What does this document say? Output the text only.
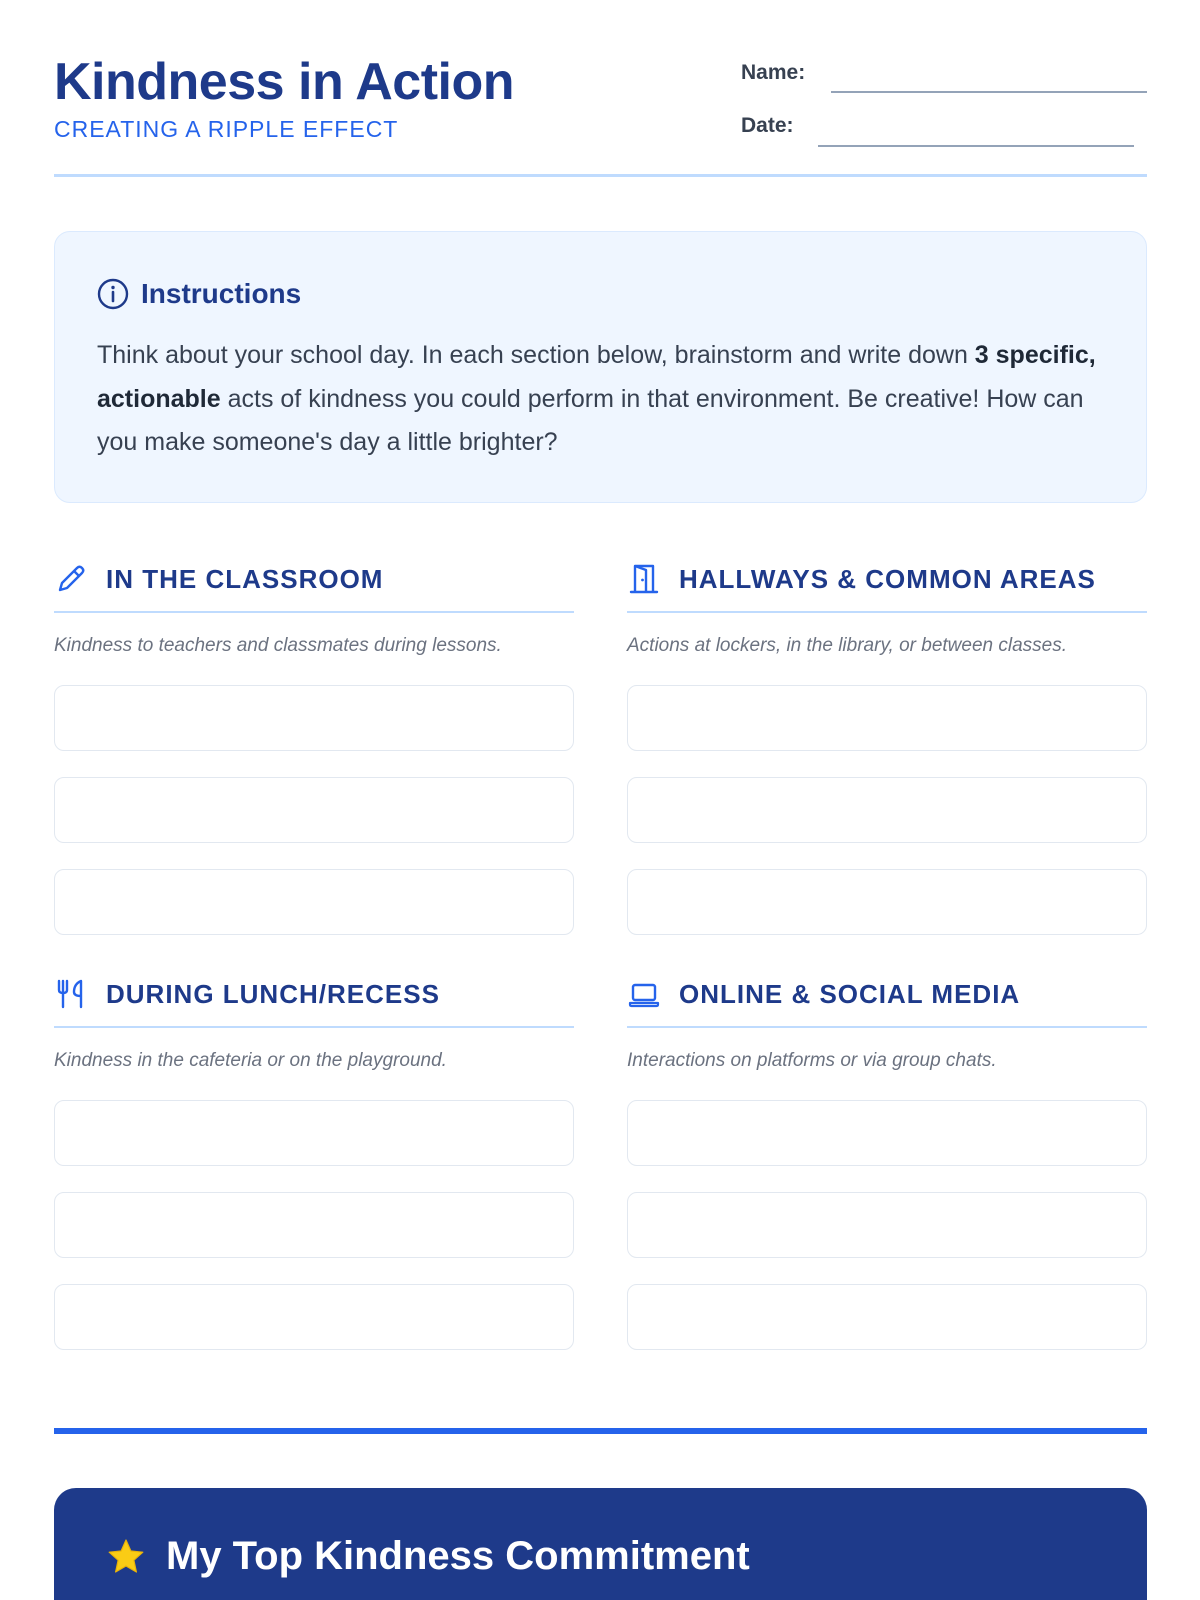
Kindness in Action
CREATING A RIPPLE EFFECT
Name:
Date:
Instructions

Think about your school day. In each section below, brainstorm and write down 3 specific, actionable acts of kindness you could perform in that environment. Be creative! How can you make someone's day a little brighter?

IN THE CLASSROOM
Kindness to teachers and classmates during lessons.
HALLWAYS & COMMON AREAS
Actions at lockers, in the library, or between classes.
DURING LUNCH/RECESS
Kindness in the cafeteria or on the playground.
ONLINE & SOCIAL MEDIA
Interactions on platforms or via group chats.
My Top Kindness Commitment
